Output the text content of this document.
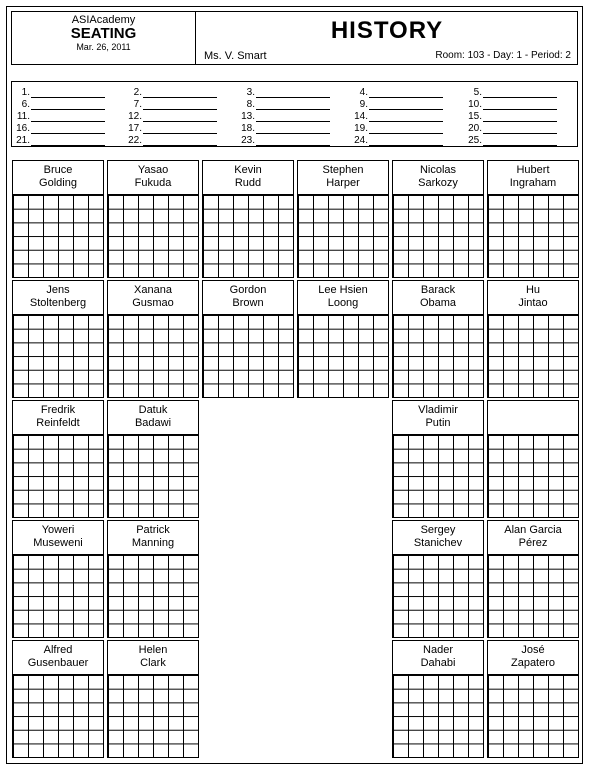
ASIAcademy
SEATING
Mar. 26, 2011
HISTORY
Ms. V. Smart	Room: 103 - Day: 1 - Period: 2
1.	2.	3.	4.	5.
6.	7.	8.	9.	10.
11.	12.	13.	14.	15.
16.	17.	18.	19.	20.
21.	22.	23.	24.	25.
Bruce
Golding
Yasao
Fukuda
Kevin
Rudd
Stephen
Harper
Nicolas
Sarkozy
Hubert
Ingraham
Jens
Stoltenberg
Xanana
Gusmao
Gordon
Brown
Lee Hsien
Loong
Barack
Obama
Hu
Jintao
Fredrik
Reinfeldt
Datuk
Badawi
Vladimir
Putin
Yoweri
Museweni
Patrick
Manning
Sergey
Stanichev
Alan Garcia
Pérez
Alfred
Gusenbauer
Helen
Clark
Nader
Dahabi
José
Zapatero
